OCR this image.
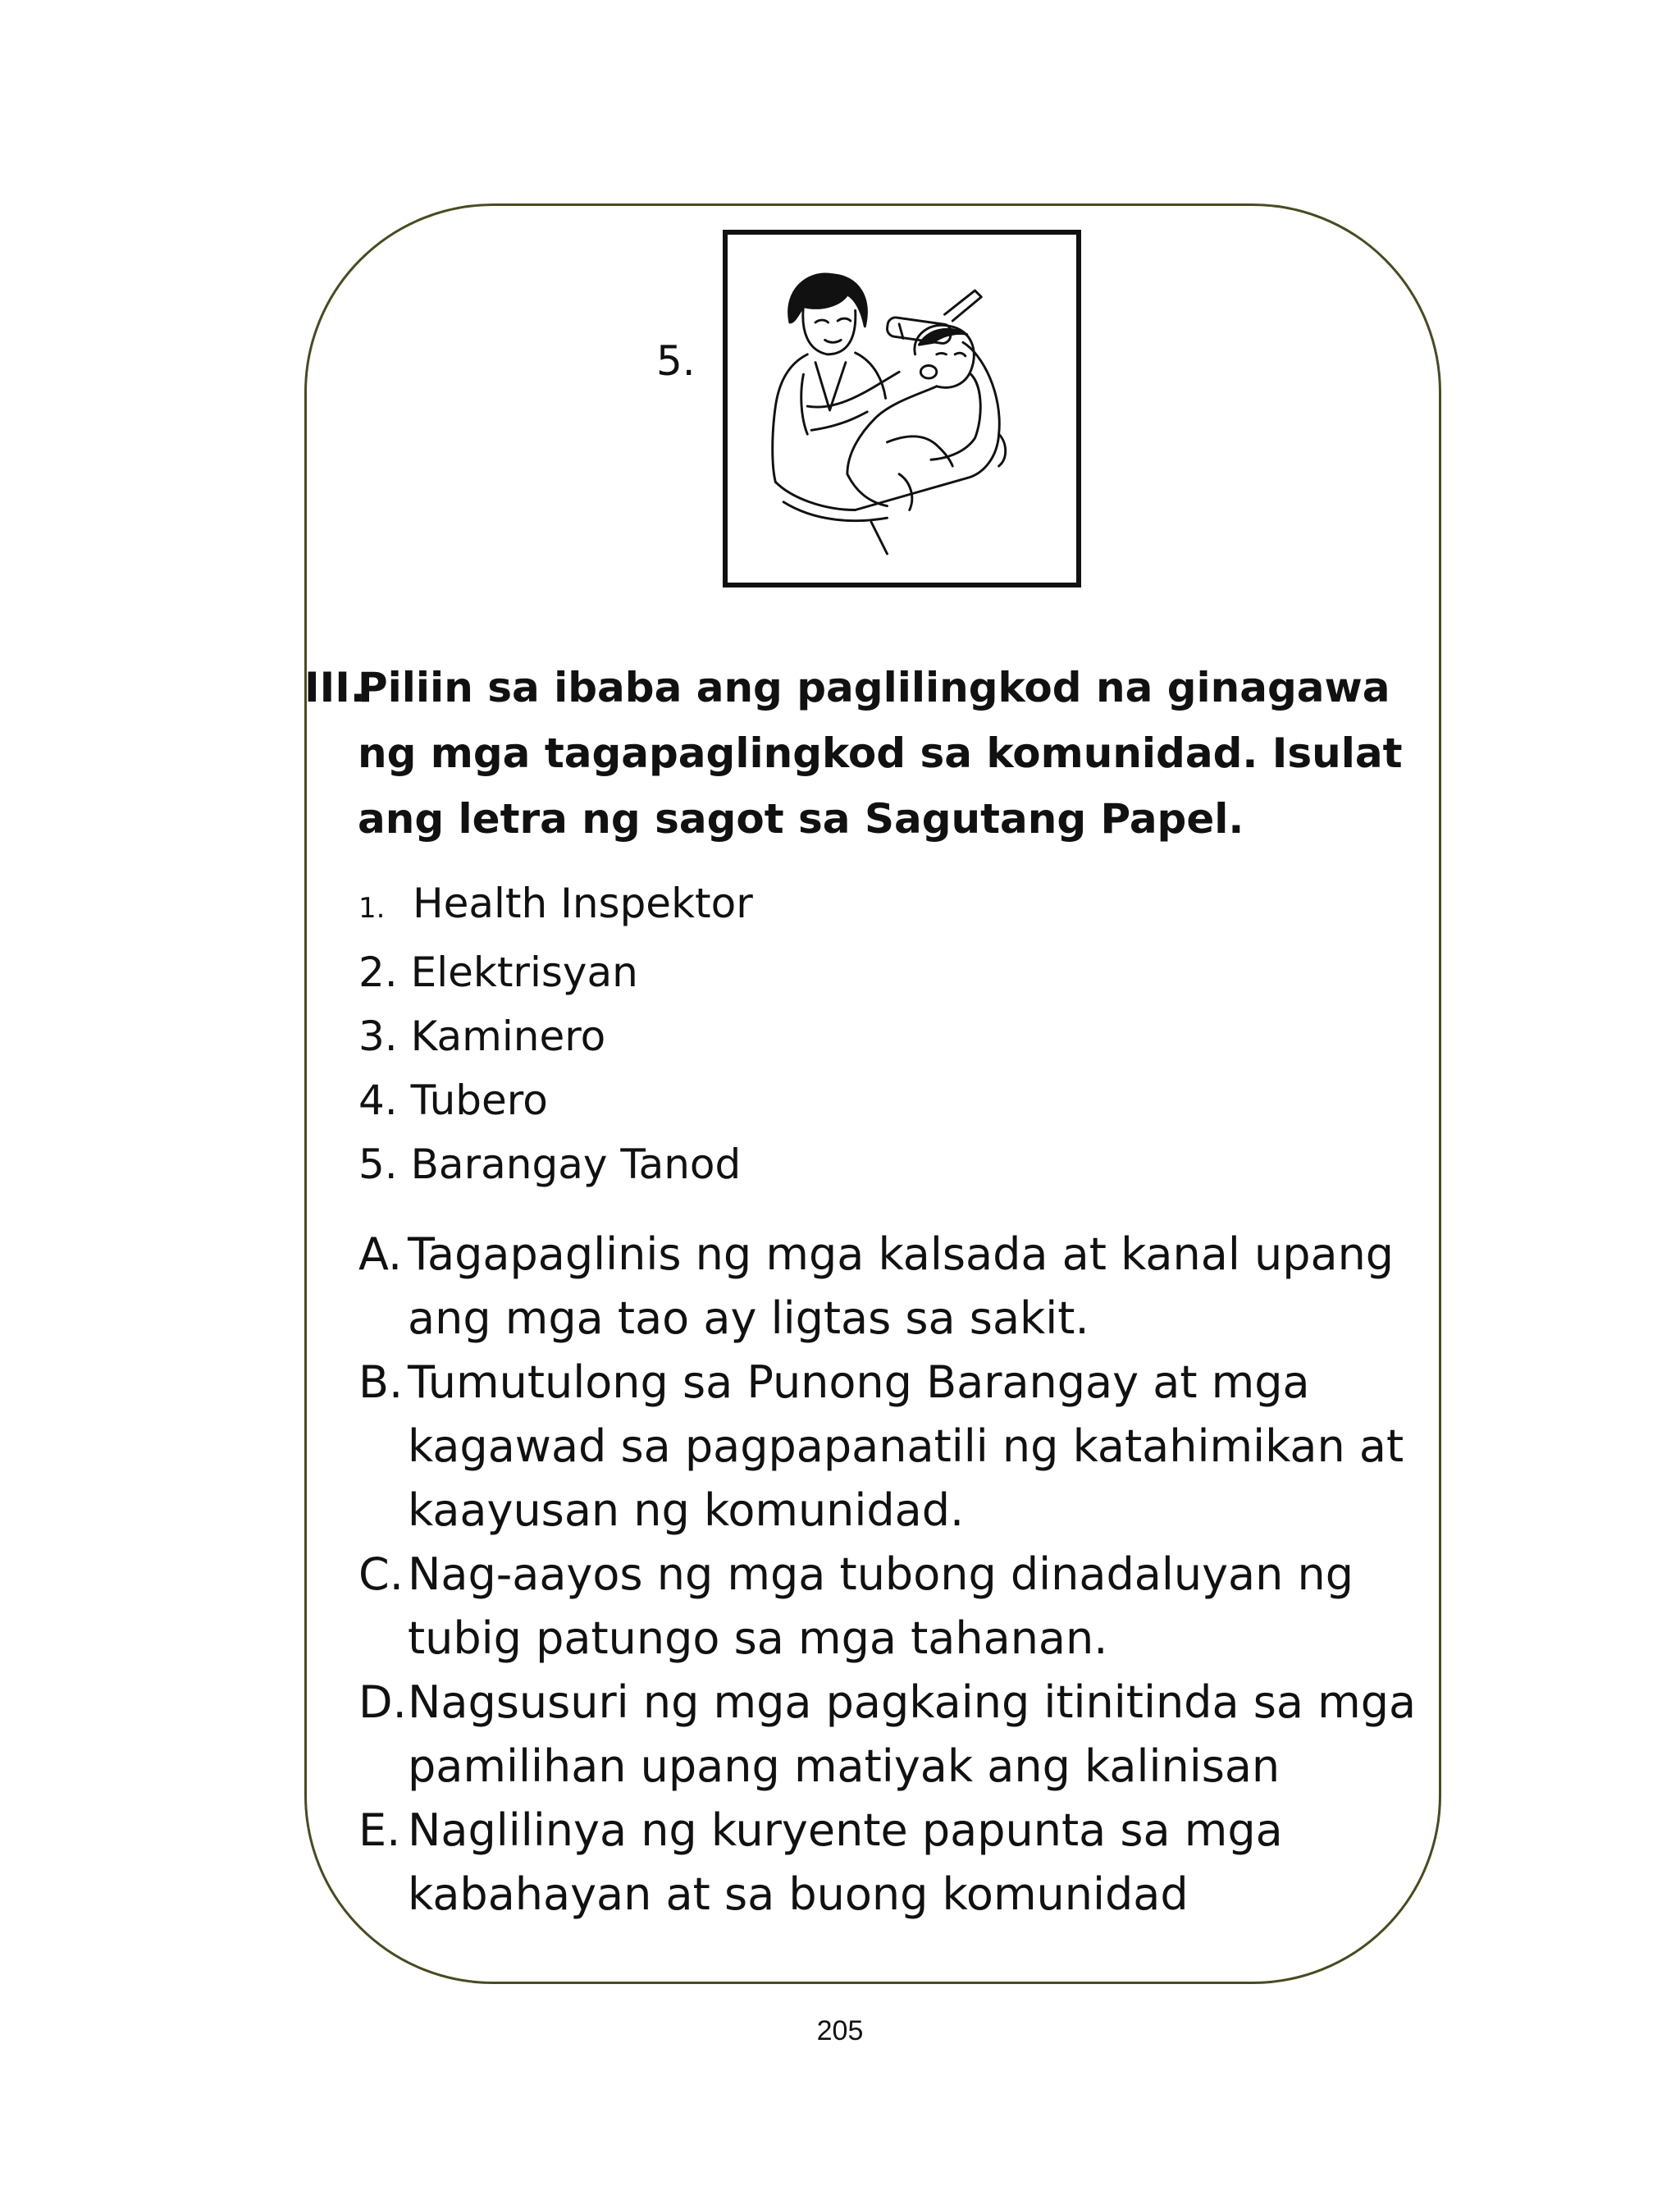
5.
III.
Piliin sa ibaba ang paglilingkod na ginagawa ng mga tagapaglingkod sa komunidad. Isulat ang letra ng sagot sa Sagutang Papel.
1. Health Inspektor
2. Elektrisyan
3. Kaminero
4. Tubero
5. Barangay Tanod
A. Tagapaglinis ng mga kalsada at kanal upang ang mga tao ay ligtas sa sakit.
B. Tumutulong sa Punong Barangay at mga kagawad sa pagpapanatili ng katahimikan at kaayusan ng komunidad.
C. Nag-aayos ng mga tubong dinadaluyan ng tubig patungo sa mga tahanan.
D. Nagsusuri ng mga pagkaing itinitinda sa mga pamilihan upang matiyak ang kalinisan
E. Naglilinya ng kuryente papunta sa mga kabahayan at sa buong komunidad
205
